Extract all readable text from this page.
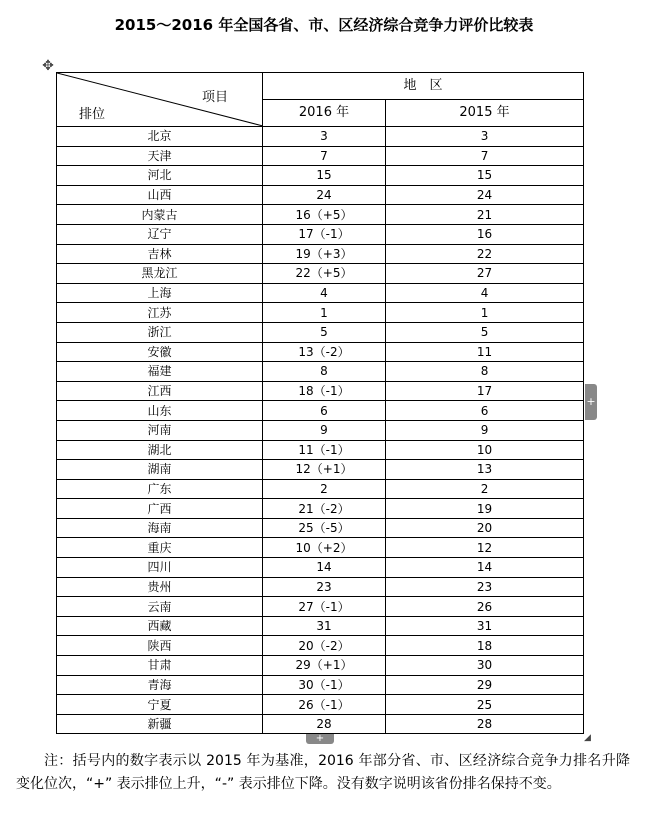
2015～2016 年全国各省、市、区经济综合竞争力评价比较表
✥
项目
排位	地　区	
	2016 年	2015 年
北京	3	3
天津	7	7
河北	15	15
山西	24	24
内蒙古	16（+5）	21
辽宁	17（-1）	16
吉林	19（+3）	22
黑龙江	22（+5）	27
上海	4	4
江苏	1	1
浙江	5	5
安徽	13（-2）	11
福建	8	8
江西	18（-1）	17
山东	6	6
河南	9	9
湖北	11（-1）	10
湖南	12（+1）	13
广东	2	2
广西	21（-2）	19
海南	25（-5）	20
重庆	10（+2）	12
四川	14	14
贵州	23	23
云南	27（-1）	26
西藏	31	31
陕西	20（-2）	18
甘肃	29（+1）	30
青海	30（-1）	29
宁夏	26（-1）	25
新疆	28	28
+
+	◢
注：括号内的数字表示以 2015 年为基准，2016 年部分省、市、区经济综合竞争力排名升降变化位次，“+” 表示排位上升，“-” 表示排位下降。没有数字说明该省份排名保持不变。
